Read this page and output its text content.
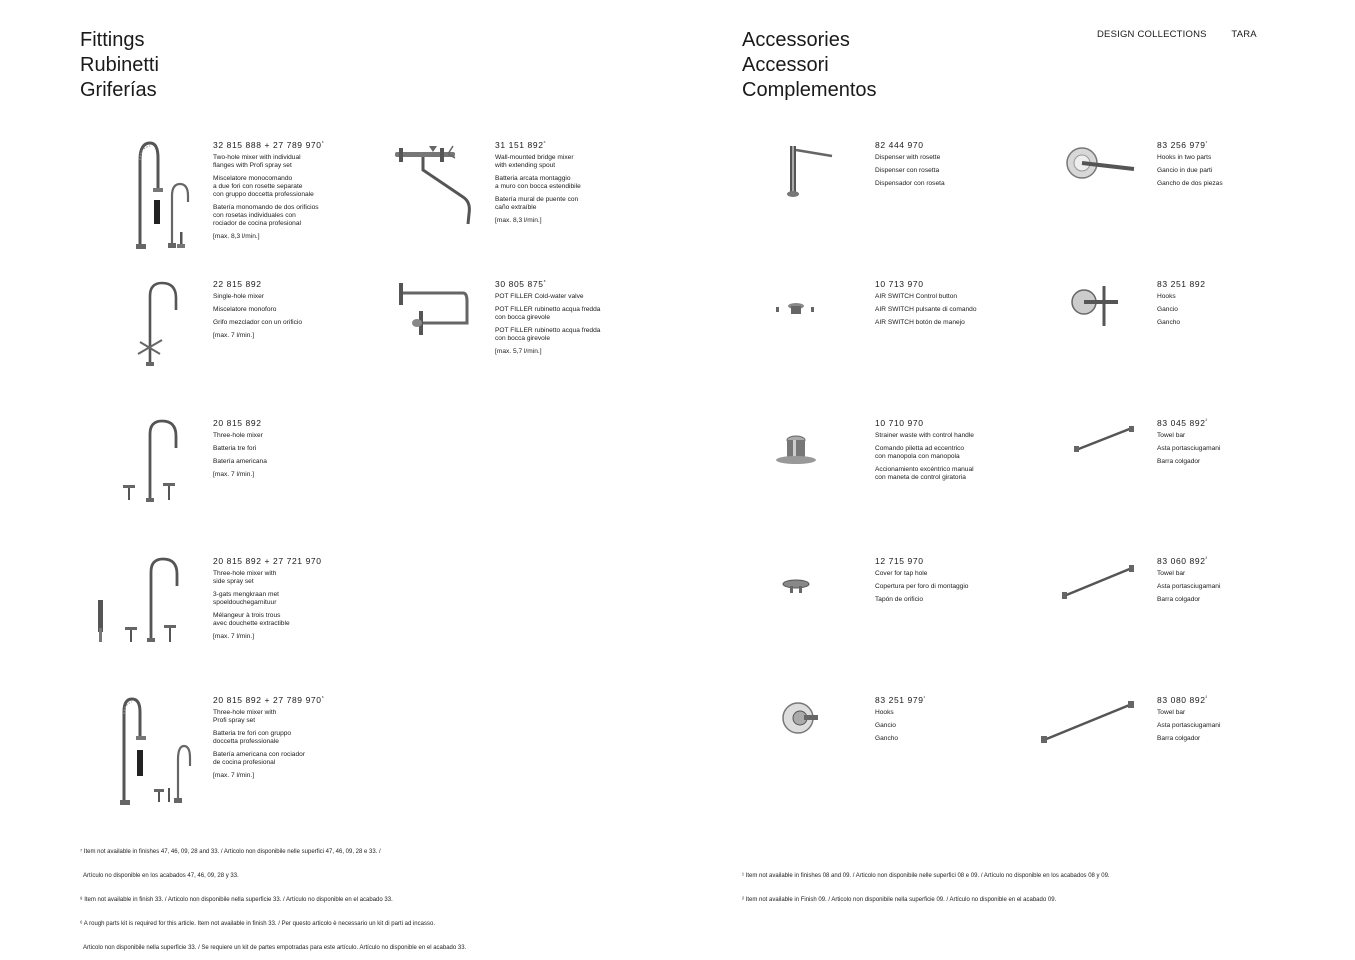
Fittings
Rubinetti
Griferías
Accessories
Accessori
Complementos
DESIGN COLLECTIONS	TARA
32 815 888 + 27 789 $970^{^6}$
Two-hole mixer with individual
flanges with Profi spray set
Miscelatore monocomando
a due fori con rosette separate
con gruppo doccetta professionale
Batería monomando de dos orificios
con rosetas individuales con
rociador de cocina profesional
[max. 8,3 l/min.]
31 151 $892^{^6}$
Wall-mounted bridge mixer
with extending spout
Batteria arcata montaggio
a muro con bocca estendibile
Batería mural de puente con
caño extraíble
[max. 8,3 l/min.]
22 815 892
Single-hole mixer
Miscelatore monoforo
Grifo mezclador con un orificio
[max. 7 l/min.]
30 805 $875^{^8}$
POT FILLER Cold-water valve
POT FILLER rubinetto acqua fredda
con bocca girevole
POT FILLER rubinetto acqua fredda
con bocca girevole
[max. 5,7 l/min.]
20 815 892
Three-hole mixer
Batteria tre fori
Batería americana
[max. 7 l/min.]
20 815 892 + 27 721 970
Three-hole mixer with
side spray set
3-gats mengkraan met
spoeldouchegarnituur
Mélangeur à trois trous
avec douchette extractible
[max. 7 l/min.]
20 815 892 + 27 789 $970^{^6}$
Three-hole mixer with
Profi spray set
Batteria tre fori con gruppo
doccetta professionale
Batería americana con rociador
de cocina profesional
[max. 7 l/min.]
82 444 970
Dispenser with rosette
Dispenser con rosetta
Dispensador con roseta
83 256 $979^{^1}$
Hooks in two parts
Gancio in due parti
Gancho de dos piezas
10 713 970
AIR SWITCH Control button
AIR SWITCH pulsante di comando
AIR SWITCH botón de manejo
83 251 892
Hooks
Gancio
Gancho
10 710 970
Strainer waste with control handle
Comando piletta ad eccentrico
con manopola con manopola
Accionamiento excéntrico manual
con maneta de control giratoria
83 045 $892^{^2}$
Towel bar
Asta portasciugamani
Barra colgador
12 715 970
Cover for tap hole
Copertura per foro di montaggio
Tapón de orificio
83 060 $892^{^2}$
Towel bar
Asta portasciugamani
Barra colgador
83 251 $979^{^1}$
Hooks
Gancio
Gancho
83 080 $892^{^2}$
Towel bar
Asta portasciugamani
Barra colgador

⁷ Item not available in finishes 47, 46, 09, 28 and 33. / Articolo non disponibile nelle superfici 47, 46, 09, 28 e 33. /

Artículo no disponible en los acabados 47, 46, 09, 28 y 33.

⁸ Item not available in finish 33. / Articolo non disponibile nella superficie 33. / Artículo no disponible en el acabado 33.

⁶ A rough parts kit is required for this article. Item not available in finish 33. / Per questo articolo è necessario un kit di parti ad incasso.

Articolo non disponibile nella superficie 33. / Se requiere un kit de partes empotradas para este artículo. Artículo no disponible en el acabado 33.

¹ Item not available in finishes 08 and 09. / Articolo non disponibile nelle superfici 08 e 09. / Artículo no disponible en los acabados 08 y 09.

² Item not available in Finish 09. / Articolo non disponibile nella superficie 09. / Artículo no disponible en el acabado 09.
